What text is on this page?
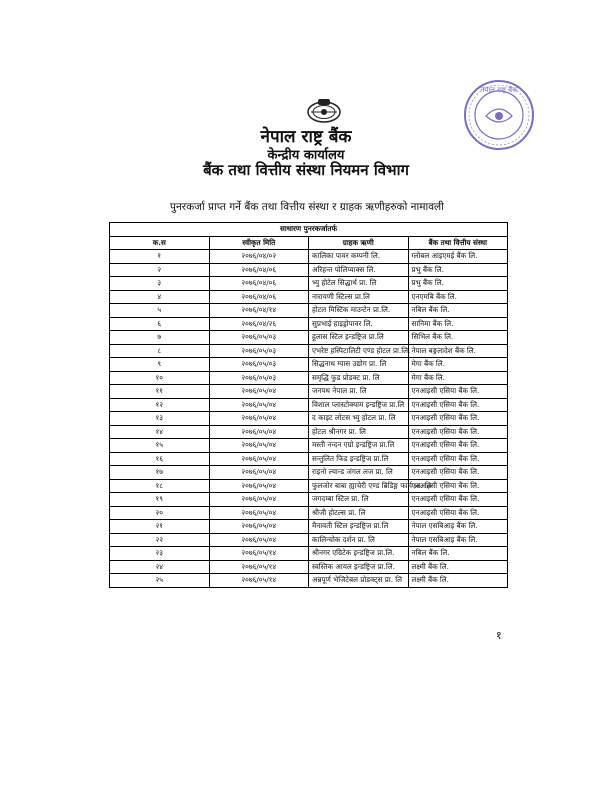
नेपाल राष्ट्र बैंक
नेपाल राष्ट्र बैंक
केन्द्रीय कार्यालय
बैंक तथा वित्तीय संस्था नियमन विभाग
पुनरकर्जा प्राप्त गर्ने बैंक तथा वित्तीय संस्था र ग्राहक ऋणीहरुको नामावली
साधारण पुनरकर्जातर्फ			
क.स	स्वीकृत मिति	ग्राहक ऋणी	बैंक तथा वित्तीय संस्था
१	२०७६/०४/०२	कालिका पावर कम्पनी लि.	ग्लोबल आइएमई बैंक लि.
२	२०७६/०४/०६	अरिहन्त पोलिप्याक्स लि.	प्रभु बैंक लि.
३	२०७६/०४/०६	भ्यु होटेल सिद्धार्थ प्रा. लि	प्रभु बैंक लि.
४	२०७६/०४/०६	नारायणी स्टिल्स प्रा.लि	एनएमबि बैंक लि.
५	२०७६/०४/१४	होटल मिस्टिक माउन्टेन प्रा.लि.	नबिल बैंक लि.
६	२०७६/०४/२६	सुप्रभाई हाइड्रोपावर लि.	सानिमा बैंक लि.
७	२०७६/०५/०३	हुलास स्टिल इन्डष्ट्रिज प्रा.लि	सिभिल बैंक लि.
८	२०७६/०५/०३	एभरेष्ट हस्पिटालिटी एण्ड होटल प्रा.लि.	नेपाल बङ्गलादेश बैंक लि.
९	२०७६/०५/०३	सिद्धनाथ ग्यास उद्योग प्रा. लि	मेगा बैंक लि.
१०	२०७६/०५/०३	समृद्धि फुड प्रोडक्ट प्रा. लि	मेगा बैंक लि.
११	२०७६/०५/०४	जनपथ नेपाल प्रा. लि	एनआइसी एसिया बैंक लि.
१२	२०७६/०५/०४	विशाल प्लास्टोक्याम इन्डष्ट्रिज प्रा.लि	एनआइसी एसिया बैंक लि.
१३	२०७६/०५/०४	द काइट लोटस भ्यु होटल प्रा. लि	एनआइसी एसिया बैंक लि.
१४	२०७६/०५/०४	होटल श्रीनगर प्रा. लि	एनआइसी एसिया बैंक लि.
१५	२०७६/०५/०४	मस्ती नन्दन एग्रो इन्डष्ट्रिज प्रा.लि	एनआइसी एसिया बैंक लि.
१६	२०७६/०५/०४	सन्तुलित फिड इन्डष्ट्रिज प्रा.लि	एनआइसी एसिया बैंक लि.
१७	२०७६/०५/०४	राइनो ल्यान्ड जंगल लज प्रा. लि	एनआइसी एसिया बैंक लि.
१८	२०७६/०५/०४	फुलजोर बाबा ह्याचेरी एण्ड ब्रिडिङ्ग फार्म प्रा. लि	एनआइसी एसिया बैंक लि.
१९	२०७६/०५/०४	जगदम्बा स्टिल प्रा. लि	एनआइसी एसिया बैंक लि.
२०	२०७६/०५/०४	श्रीजी होटल्स प्रा. लि	एनआइसी एसिया बैंक लि.
२१	२०७६/०५/०४	मैनावती स्टिल इन्डष्ट्रिज प्रा.लि	नेपाल एसबिआइ बैंक लि.
२२	२०७६/०५/०४	कालिन्चोक दर्शन प्रा. लि	नेपाल एसबिआइ बैंक लि.
२३	२०७६/०५/१४	श्रीनगर एग्रिटेक इन्डष्ट्रिज प्रा.लि.	नबिल बैंक लि.
२४	२०७६/०५/१४	स्वस्तिक आयल इन्डष्ट्रिज प्रा.लि.	लक्ष्मी बैंक लि.
२५	२०७६/०५/१४	अन्नपूर्ण भेजिटेबल प्रोडक्ट्स प्रा. लि	लक्ष्मी बैंक लि.
१
